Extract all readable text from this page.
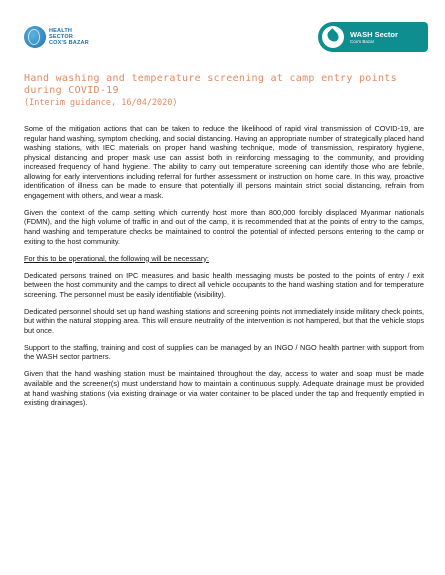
HEALTH
SECTOR
COX'S BAZAR
WASH Sector
Cox's Bazar
Hand washing and temperature screening at camp entry points during COVID-19
(Interim guidance, 16/04/2020)

Some of the mitigation actions that can be taken to reduce the likelihood of rapid viral transmission of COVID-19, are regular hand washing, symptom checking, and social distancing. Having an appropriate number of strategically placed hand washing stations, with IEC materials on proper hand washing technique, mode of transmission, respiratory hygiene, physical distancing and proper mask use can assist both in reinforcing messaging to the community, and providing increased frequency of hand hygiene. The ability to carry out temperature screening can identify those who are febrile, allowing for early interventions including referral for further assessment or instruction on home care. In this way, proactive identification of illness can be made to ensure that potentially ill persons maintain strict social distancing, refrain from engagement with others, and wear a mask.

Given the context of the camp setting which currently host more than 800,000 forcibly displaced Myanmar nationals (FDMN), and the high volume of traffic in and out of the camp, it is recommended that at the points of entry to the camps, hand washing and temperature checks be maintained to control the potential of infected persons entering to the camp or exiting to the host community.

For this to be operational, the following will be necessary:

Dedicated persons trained on IPC measures and basic health messaging musts be posted to the points of entry / exit between the host community and the camps to direct all vehicle occupants to the hand washing station and for temperature screening. The personnel must be easily identifiable (visibility).

Dedicated personnel should set up hand washing stations and screening points not immediately inside military check points, but within the natural stopping area. This will ensure neutrality of the intervention is not hampered, but that the vehicle stops but once.

Support to the staffing, training and cost of supplies can be managed by an INGO / NGO health partner with support from the WASH sector partners.

Given that the hand washing station must be maintained throughout the day, access to water and soap must be made available and the screener(s) must understand how to maintain a continuous supply. Adequate drainage must be provided at hand washing stations (via existing drainage or via water container to be placed under the tap and frequently emptied in existing drainages).
